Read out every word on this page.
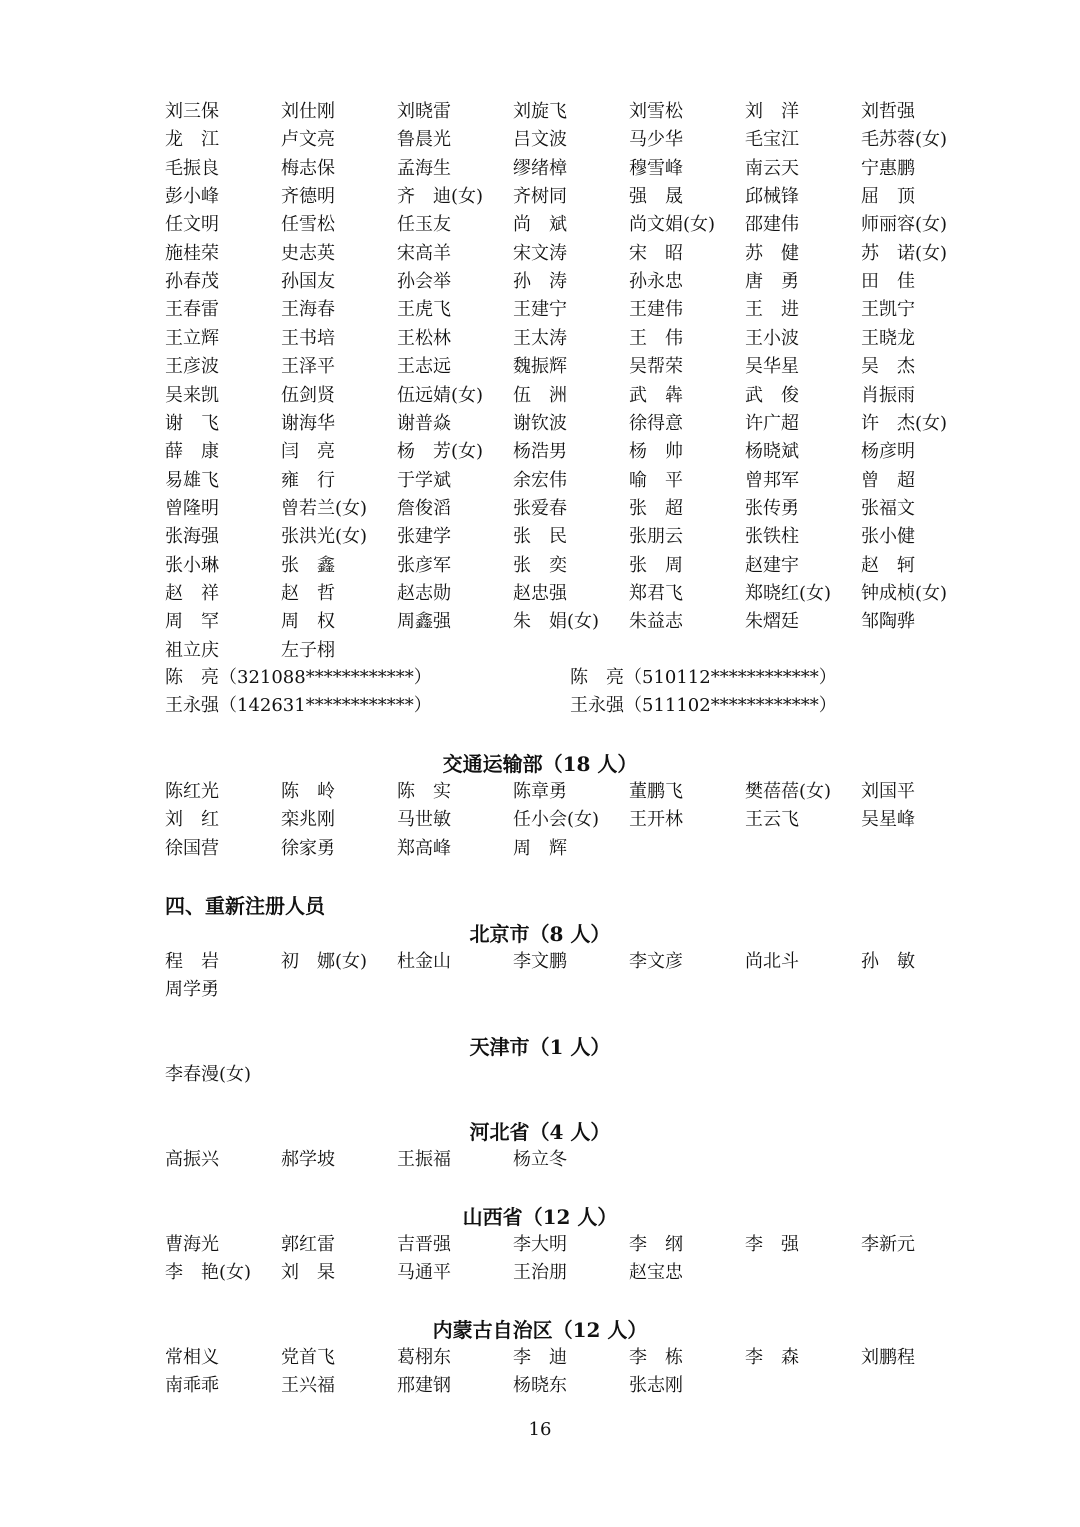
刘三保	刘仕刚	刘晓雷	刘旋飞	刘雪松	刘　洋	刘哲强
龙　江	卢文亮	鲁晨光	吕文波	马少华	毛宝江	毛苏蓉(女)
毛振良	梅志保	孟海生	缪绪樟	穆雪峰	南云天	宁惠鹏
彭小峰	齐德明	齐　迪(女) 齐树同	强　晟	邱械锋	屈　顶
任文明	任雪松	任玉友	尚　斌	尚文娟(女) 邵建伟	师丽容(女)
施桂荣	史志英	宋高羊	宋文涛	宋　昭	苏　健	苏　诺(女)
孙春茂	孙国友	孙会举	孙　涛	孙永忠	唐　勇	田　佳
王春雷	王海春	王虎飞	王建宁	王建伟	王　进	王凯宁
王立辉	王书培	王松林	王太涛	王　伟	王小波	王晓龙
王彦波	王泽平	王志远	魏振辉	吴帮荣	吴华星	吴　杰
吴来凯	伍剑贤	伍远婧(女) 伍　洲	武　犇	武　俊	肖振雨
谢　飞	谢海华	谢普焱	谢钦波	徐得意	许广超	许　杰(女)
薛　康	闫　亮	杨　芳(女) 杨浩男	杨　帅	杨晓斌	杨彦明
易雄飞	雍　行	于学斌	余宏伟	喻　平	曾邦军	曾　超
曾隆明	曾若兰(女) 詹俊滔	张爱春	张　超	张传勇	张福文
张海强	张洪光(女) 张建学	张　民	张朋云	张铁柱	张小健
张小琳	张　鑫	张彦军	张　奕	张　周	赵建宇	赵　轲
赵　祥	赵　哲	赵志勋	赵忠强	郑君飞	郑晓红(女) 钟成桢(女)
周　罕	周　权	周鑫强	朱　娟(女) 朱益志	朱熠廷	邹陶骅
祖立庆	左子栩
陈　亮（321088************）	陈　亮（510112************）
王永强（142631************）	王永强（511102************）
交通运输部（18 人）
陈红光	陈　岭	陈　实	陈章勇	董鹏飞	樊蓓蓓(女) 刘国平
刘　红	栾兆刚	马世敏	任小会(女) 王开林	王云飞	吴星峰
徐国营	徐家勇	郑高峰	周　辉
四、重新注册人员
北京市（8 人）
程　岩	初　娜(女) 杜金山	李文鹏	李文彦	尚北斗	孙　敏
周学勇
天津市（1 人）
李春漫(女)
河北省（4 人）
高振兴	郝学坡	王振福	杨立冬
山西省（12 人）
曹海光	郭红雷	吉晋强	李大明	李　纲	李　强	李新元
李　艳(女) 刘　杲	马通平	王治朋	赵宝忠
内蒙古自治区（12 人）
常相义	党首飞	葛栩东	李　迪	李　栋	李　森	刘鹏程
南乖乖	王兴福	邢建钢	杨晓东	张志刚
16
